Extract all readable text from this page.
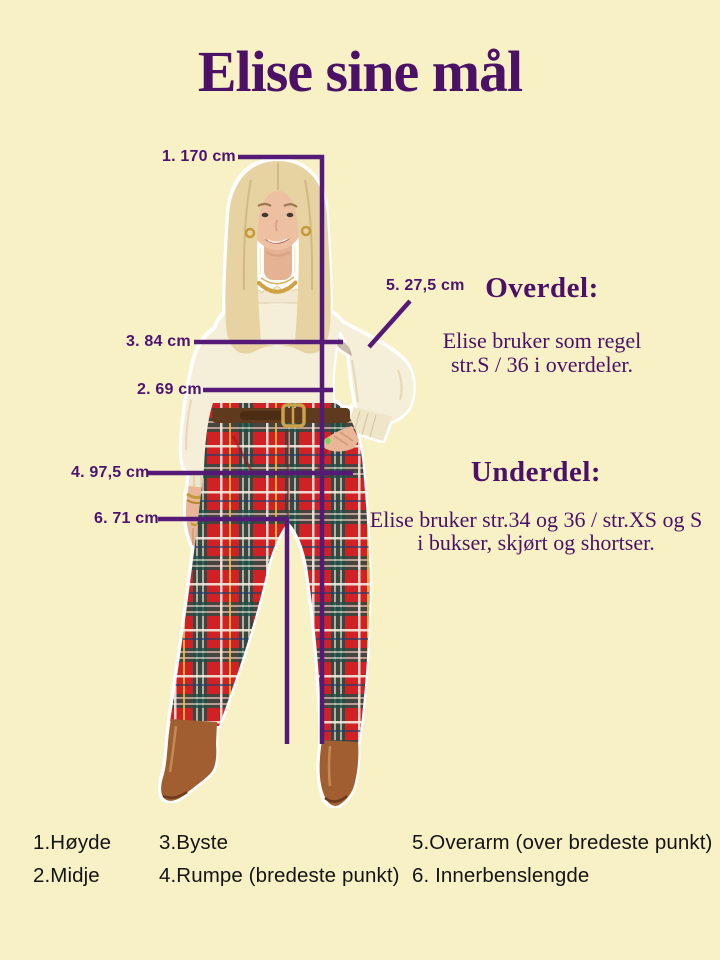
Elise sine mål
1. 170 cm
2. 69 cm
3. 84 cm
4. 97,5 cm
5. 27,5 cm
6. 71 cm
Overdel:
Elise bruker som regel
str.S / 36 i overdeler.
Underdel:
Elise bruker str.34 og 36 / str.XS og S
i bukser, skjørt og shortser.
1.Høyde
2.Midje
3.Byste
4.Rumpe (bredeste punkt)
5.Overarm (over bredeste punkt)
6. Innerbenslengde
